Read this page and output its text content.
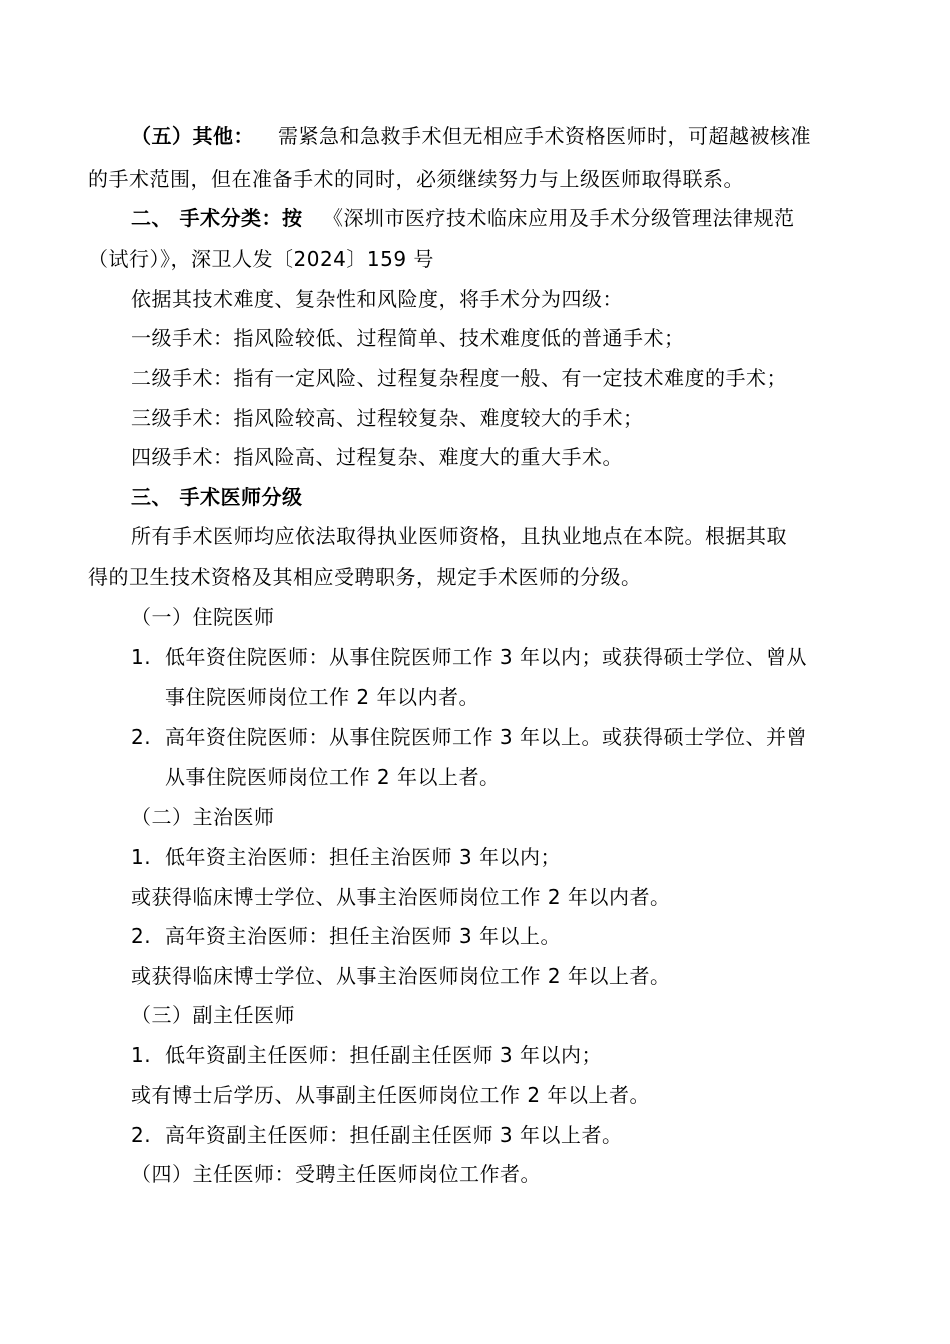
（五）其他： 需紧急和急救手术但无相应手术资格医师时，可超越被核准
的手术范围，但在准备手术的同时，必须继续努力与上级医师取得联系。
二、 手术分类：按 《深圳市医疗技术临床应用及手术分级管理法律规范
（试行）》，深卫人发〔2024〕159 号
依据其技术难度、复杂性和风险度，将手术分为四级：
一级手术：指风险较低、过程简单、技术难度低的普通手术；
二级手术：指有一定风险、过程复杂程度一般、有一定技术难度的手术；
三级手术：指风险较高、过程较复杂、难度较大的手术；
四级手术：指风险高、过程复杂、难度大的重大手术。
三、 手术医师分级
所有手术医师均应依法取得执业医师资格，且执业地点在本院。根据其取
得的卫生技术资格及其相应受聘职务，规定手术医师的分级。
（一）住院医师
1. 低年资住院医师：从事住院医师工作 3 年以内；或获得硕士学位、曾从
事住院医师岗位工作 2 年以内者。
2. 高年资住院医师：从事住院医师工作 3 年以上。或获得硕士学位、并曾
从事住院医师岗位工作 2 年以上者。
（二）主治医师
1. 低年资主治医师：担任主治医师 3 年以内；
或获得临床博士学位、从事主治医师岗位工作 2 年以内者。
2. 高年资主治医师：担任主治医师 3 年以上。
或获得临床博士学位、从事主治医师岗位工作 2 年以上者。
（三）副主任医师
1. 低年资副主任医师：担任副主任医师 3 年以内；
或有博士后学历、从事副主任医师岗位工作 2 年以上者。
2. 高年资副主任医师：担任副主任医师 3 年以上者。
（四）主任医师：受聘主任医师岗位工作者。
